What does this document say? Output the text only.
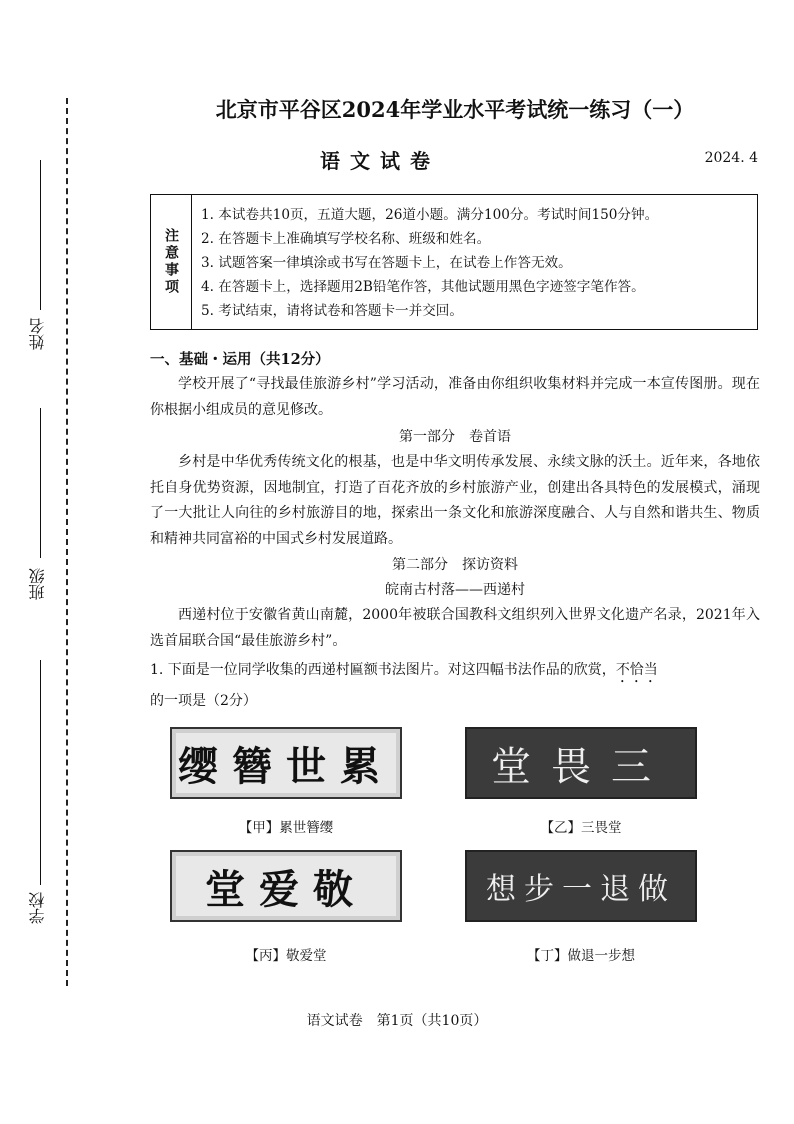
姓名
班级
学校
北京市平谷区2024年学业水平考试统一练习（一）
语文试卷	2024. 4
注意事项
1. 本试卷共10页，五道大题，26道小题。满分100分。考试时间150分钟。
2. 在答题卡上准确填写学校名称、班级和姓名。
3. 试题答案一律填涂或书写在答题卡上，在试卷上作答无效。
4. 在答题卡上，选择题用2B铅笔作答，其他试题用黑色字迹签字笔作答。
5. 考试结束，请将试卷和答题卡一并交回。
一、基础・运用（共12分）
学校开展了“寻找最佳旅游乡村”学习活动，准备由你组织收集材料并完成一本宣传图册。现在你根据小组成员的意见修改。
第一部分　卷首语
乡村是中华优秀传统文化的根基，也是中华文明传承发展、永续文脉的沃土。近年来，各地依托自身优势资源，因地制宜，打造了百花齐放的乡村旅游产业，创建出各具特色的发展模式，涌现了一大批让人向往的乡村旅游目的地，探索出一条文化和旅游深度融合、人与自然和谐共生、物质和精神共同富裕的中国式乡村发展道路。
第二部分　探访资料
皖南古村落——西递村
西递村位于安徽省黄山南麓，2000年被联合国教科文组织列入世界文化遗产名录，2021年入选首届联合国“最佳旅游乡村”。
1. 下面是一位同学收集的西递村匾额书法图片。对这四幅书法作品的欣赏，不恰当的一项是（2分）
缨簪世累
【甲】累世簪缨
堂畏三
【乙】三畏堂
堂爱敬
【丙】敬爱堂
想步一退做
【丁】做退一步想
语文试卷　第1页（共10页）
